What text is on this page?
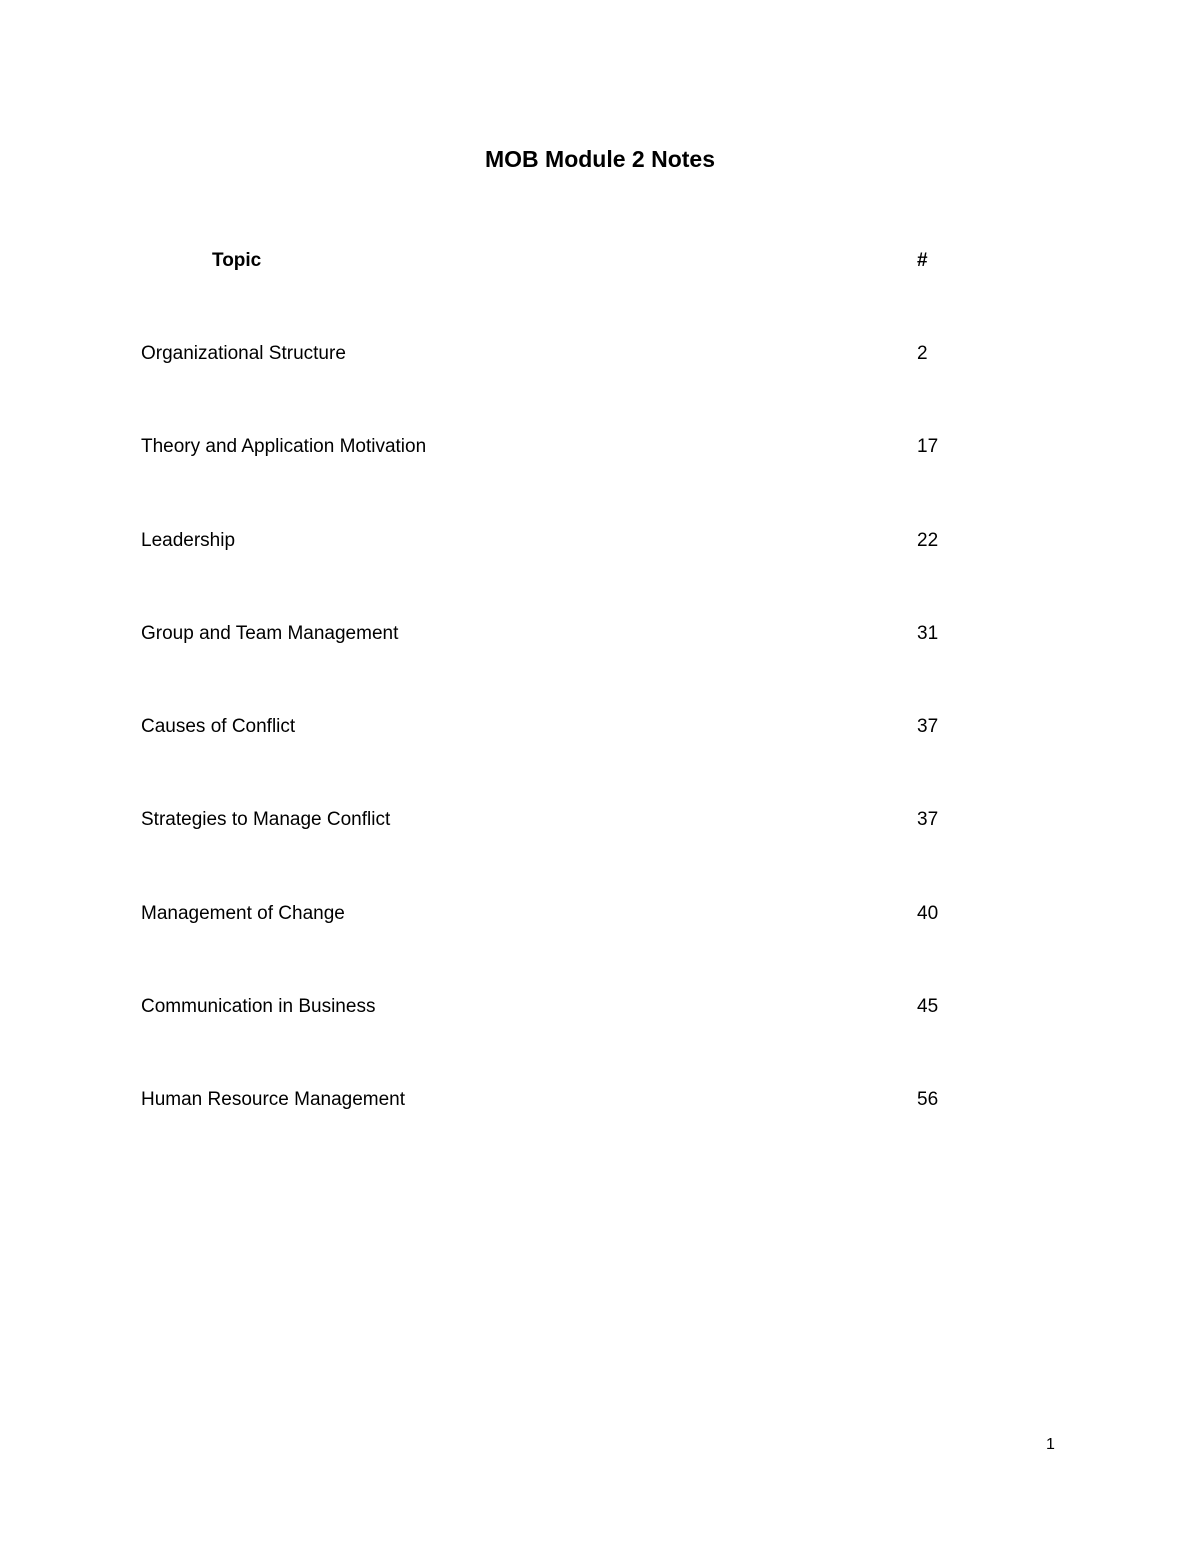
MOB Module 2 Notes
Topic	#
Organizational Structure	2
Theory and Application Motivation	17
Leadership	22
Group and Team Management	31
Causes of Conflict	37
Strategies to Manage Conflict	37
Management of Change	40
Communication in Business	45
Human Resource Management	56
1
